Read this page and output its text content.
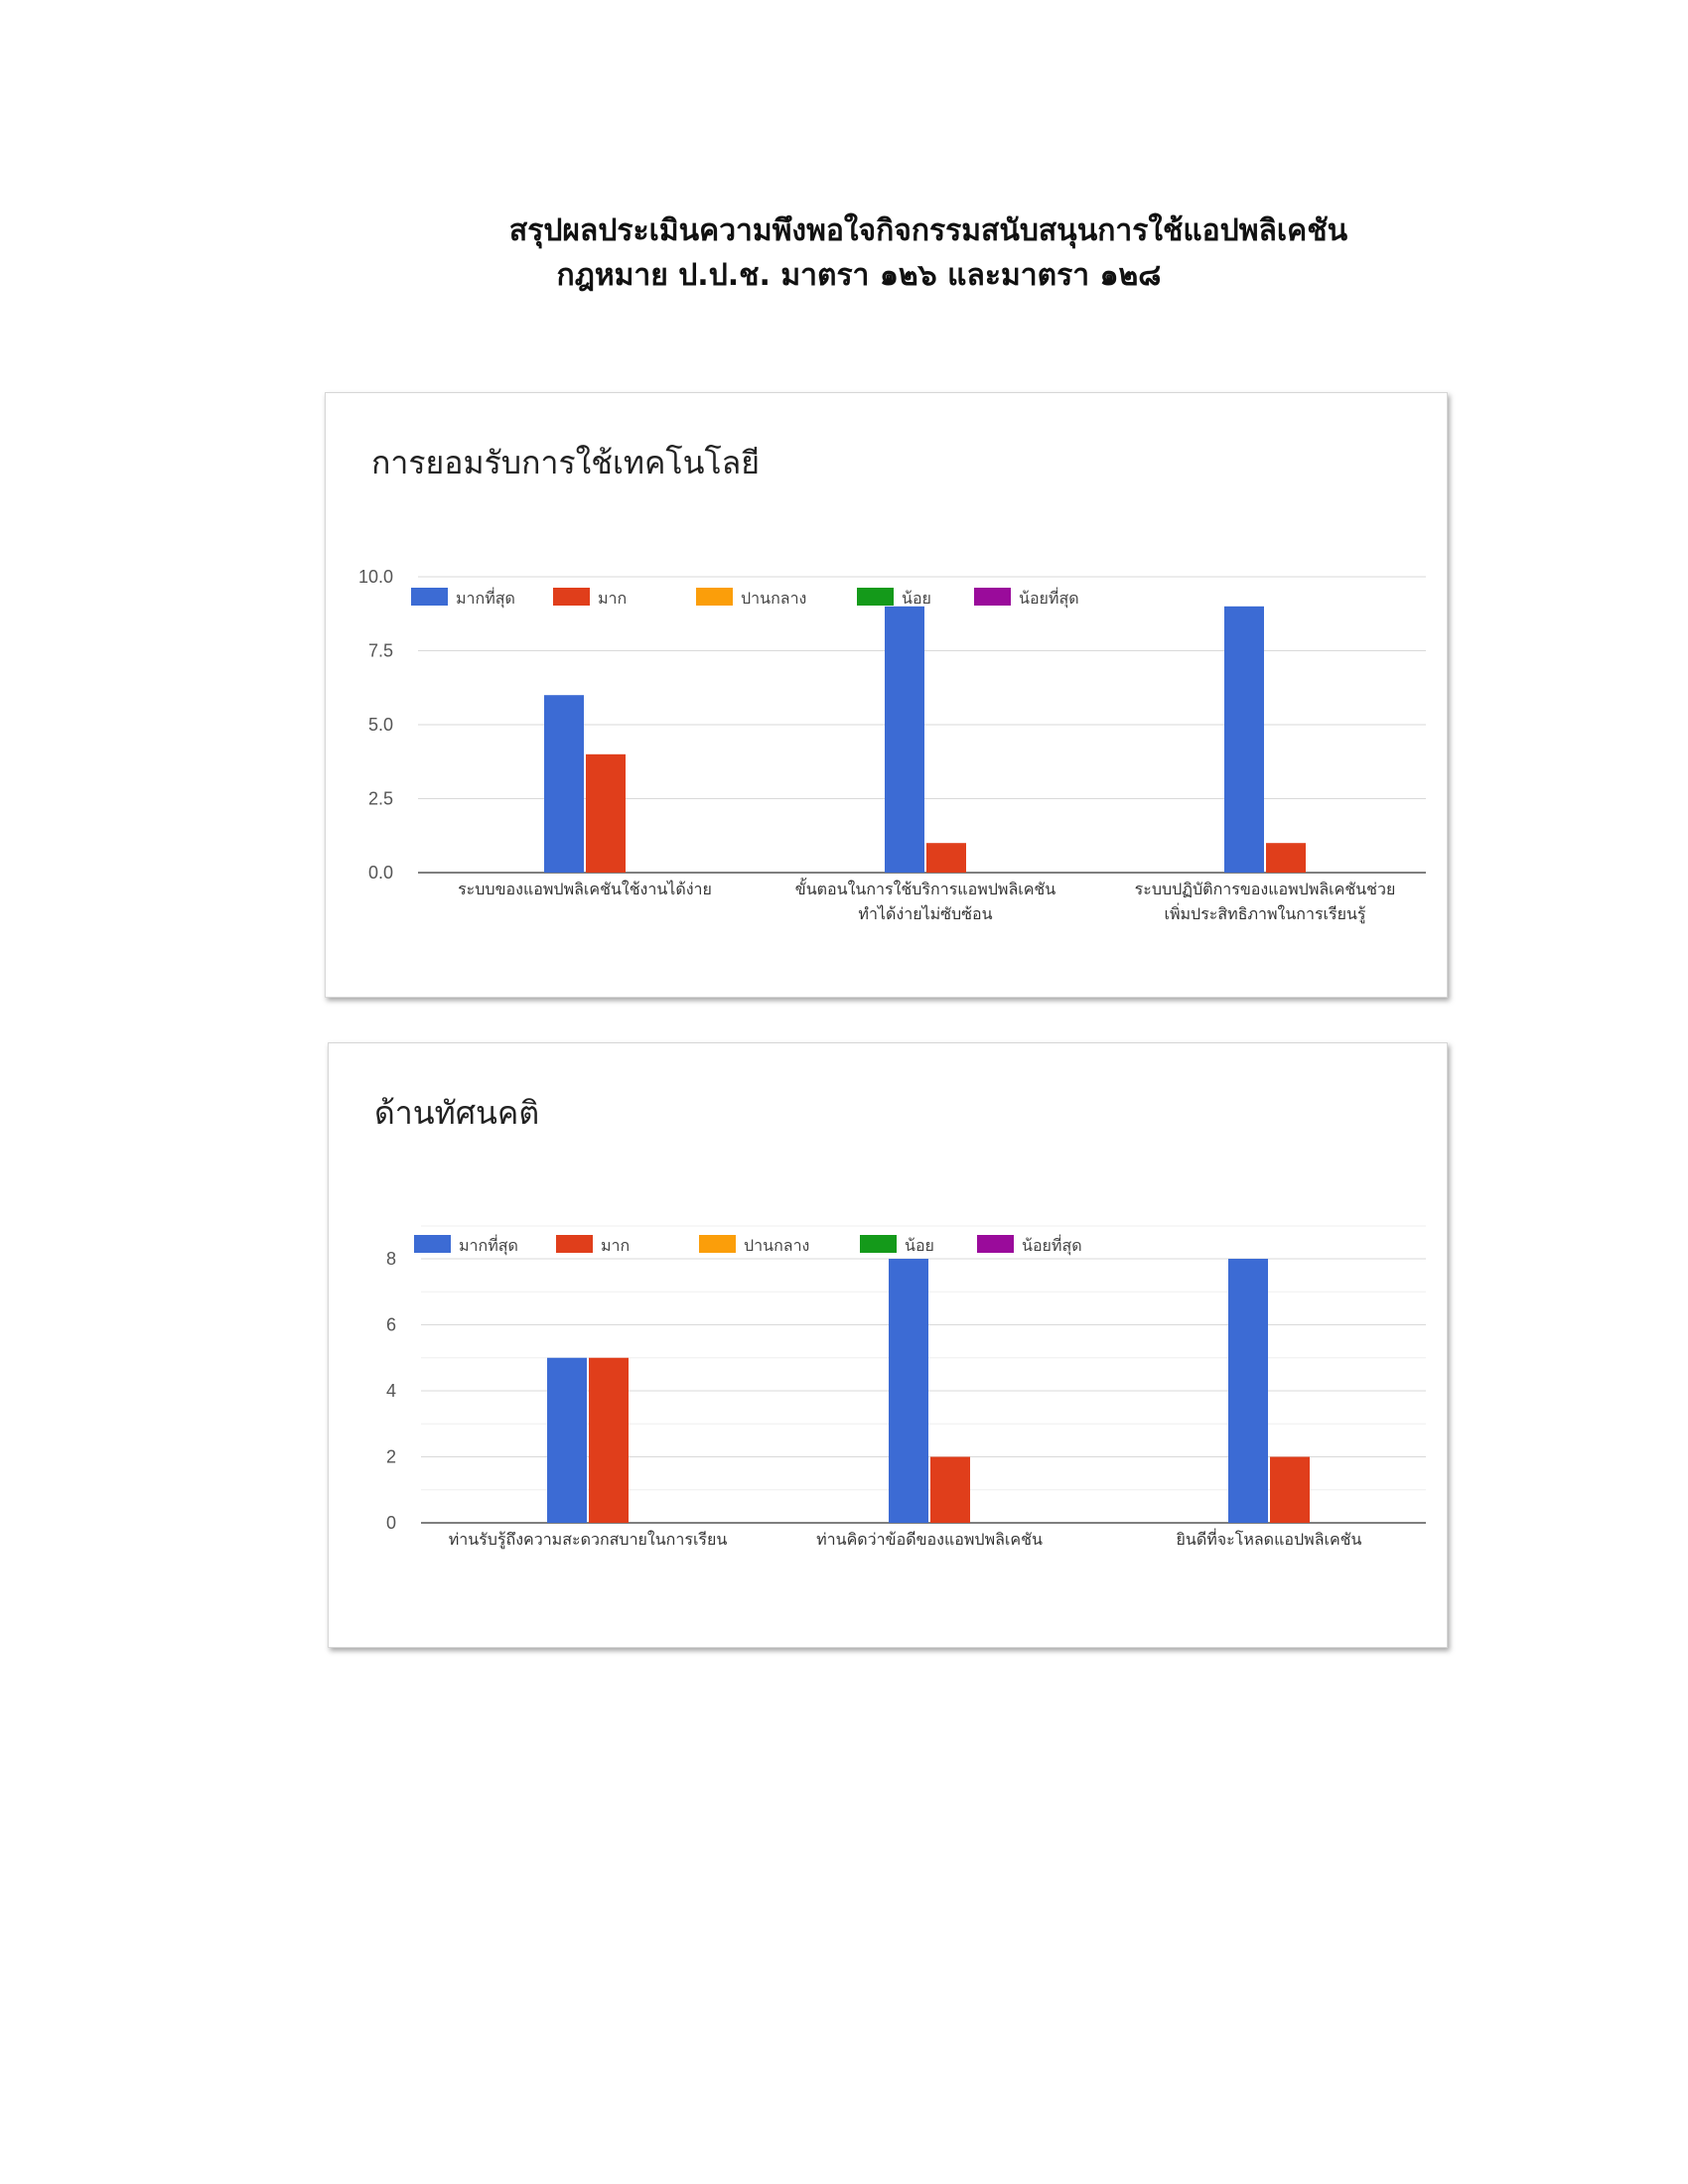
สรุปผลประเมินความพึงพอใจกิจกรรมสนับสนุนการใช้แอปพลิเคชัน
กฎหมาย ป.ป.ช. มาตรา ๑๒๖ และมาตรา ๑๒๘
การยอมรับการใช้เทคโนโลยี
0.0
2.5
5.0
7.5
10.0
ระบบของแอพปพลิเคชันใช้งานได้ง่าย	ขั้นตอนในการใช้บริการแอพปพลิเคชัน
ทำได้ง่ายไม่ซับซ้อน
ระบบปฏิบัติการของแอพปพลิเคชันช่วย
เพิ่มประสิทธิภาพในการเรียนรู้
มากที่สุด	มาก	ปานกลาง	น้อย	น้อยที่สุด
ด้านทัศนคติ
0
2
4
6
8
ท่านรับรู้ถึงความสะดวกสบายในการเรียน	ท่านคิดว่าข้อดีของแอพปพลิเคชัน	ยินดีที่จะโหลดแอปพลิเคชัน
มากที่สุด	มาก	ปานกลาง	น้อย	น้อยที่สุด
